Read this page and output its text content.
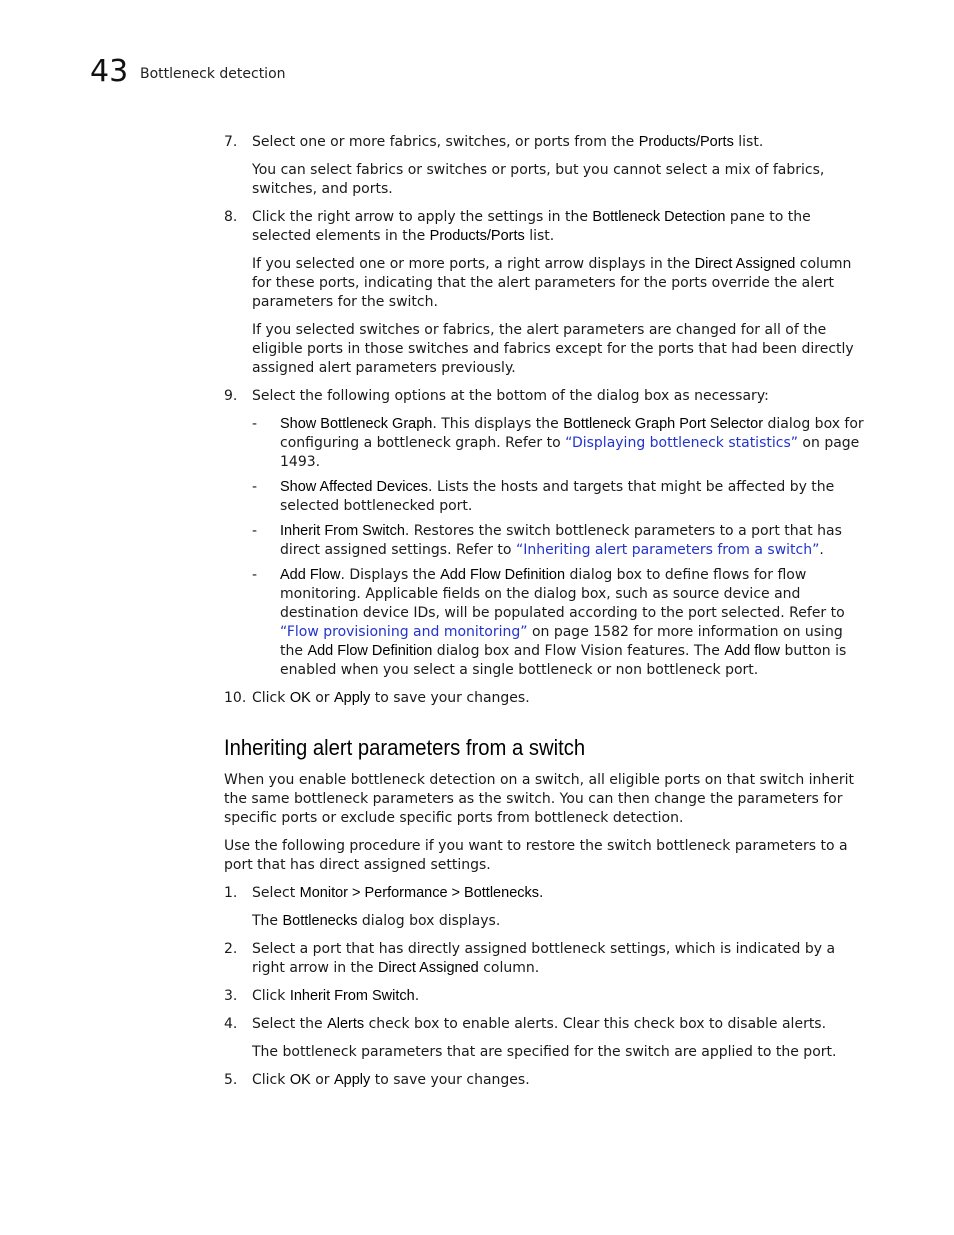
43 Bottleneck detection
7. Select one or more fabrics, switches, or ports from the Products/Ports list.

You can select fabrics or switches or ports, but you cannot select a mix of fabrics, switches, and ports.

8. Click the right arrow to apply the settings in the Bottleneck Detection pane to the selected elements in the Products/Ports list.

If you selected one or more ports, a right arrow displays in the Direct Assigned column for these ports, indicating that the alert parameters for the ports override the alert parameters for the switch.

If you selected switches or fabrics, the alert parameters are changed for all of the eligible ports in those switches and fabrics except for the ports that had been directly assigned alert parameters previously.

9. Select the following options at the bottom of the dialog box as necessary:

- Show Bottleneck Graph. This displays the Bottleneck Graph Port Selector dialog box for configuring a bottleneck graph. Refer to “Displaying bottleneck statistics” on page 1493.

- Show Affected Devices. Lists the hosts and targets that might be affected by the selected bottlenecked port.

- Inherit From Switch. Restores the switch bottleneck parameters to a port that has direct assigned settings. Refer to “Inheriting alert parameters from a switch”.

- Add Flow. Displays the Add Flow Definition dialog box to define flows for flow monitoring. Applicable fields on the dialog box, such as source device and destination device IDs, will be populated according to the port selected. Refer to “Flow provisioning and monitoring” on page 1582 for more information on using the Add Flow Definition dialog box and Flow Vision features. The Add flow button is enabled when you select a single bottleneck or non bottleneck port.

10. Click OK or Apply to save your changes.

Inheriting alert parameters from a switch

When you enable bottleneck detection on a switch, all eligible ports on that switch inherit the same bottleneck parameters as the switch. You can then change the parameters for specific ports or exclude specific ports from bottleneck detection.

Use the following procedure if you want to restore the switch bottleneck parameters to a port that has direct assigned settings.

1. Select Monitor > Performance > Bottlenecks.

The Bottlenecks dialog box displays.

2. Select a port that has directly assigned bottleneck settings, which is indicated by a right arrow in the Direct Assigned column.

3. Click Inherit From Switch.

4. Select the Alerts check box to enable alerts. Clear this check box to disable alerts.

The bottleneck parameters that are specified for the switch are applied to the port.

5. Click OK or Apply to save your changes.
